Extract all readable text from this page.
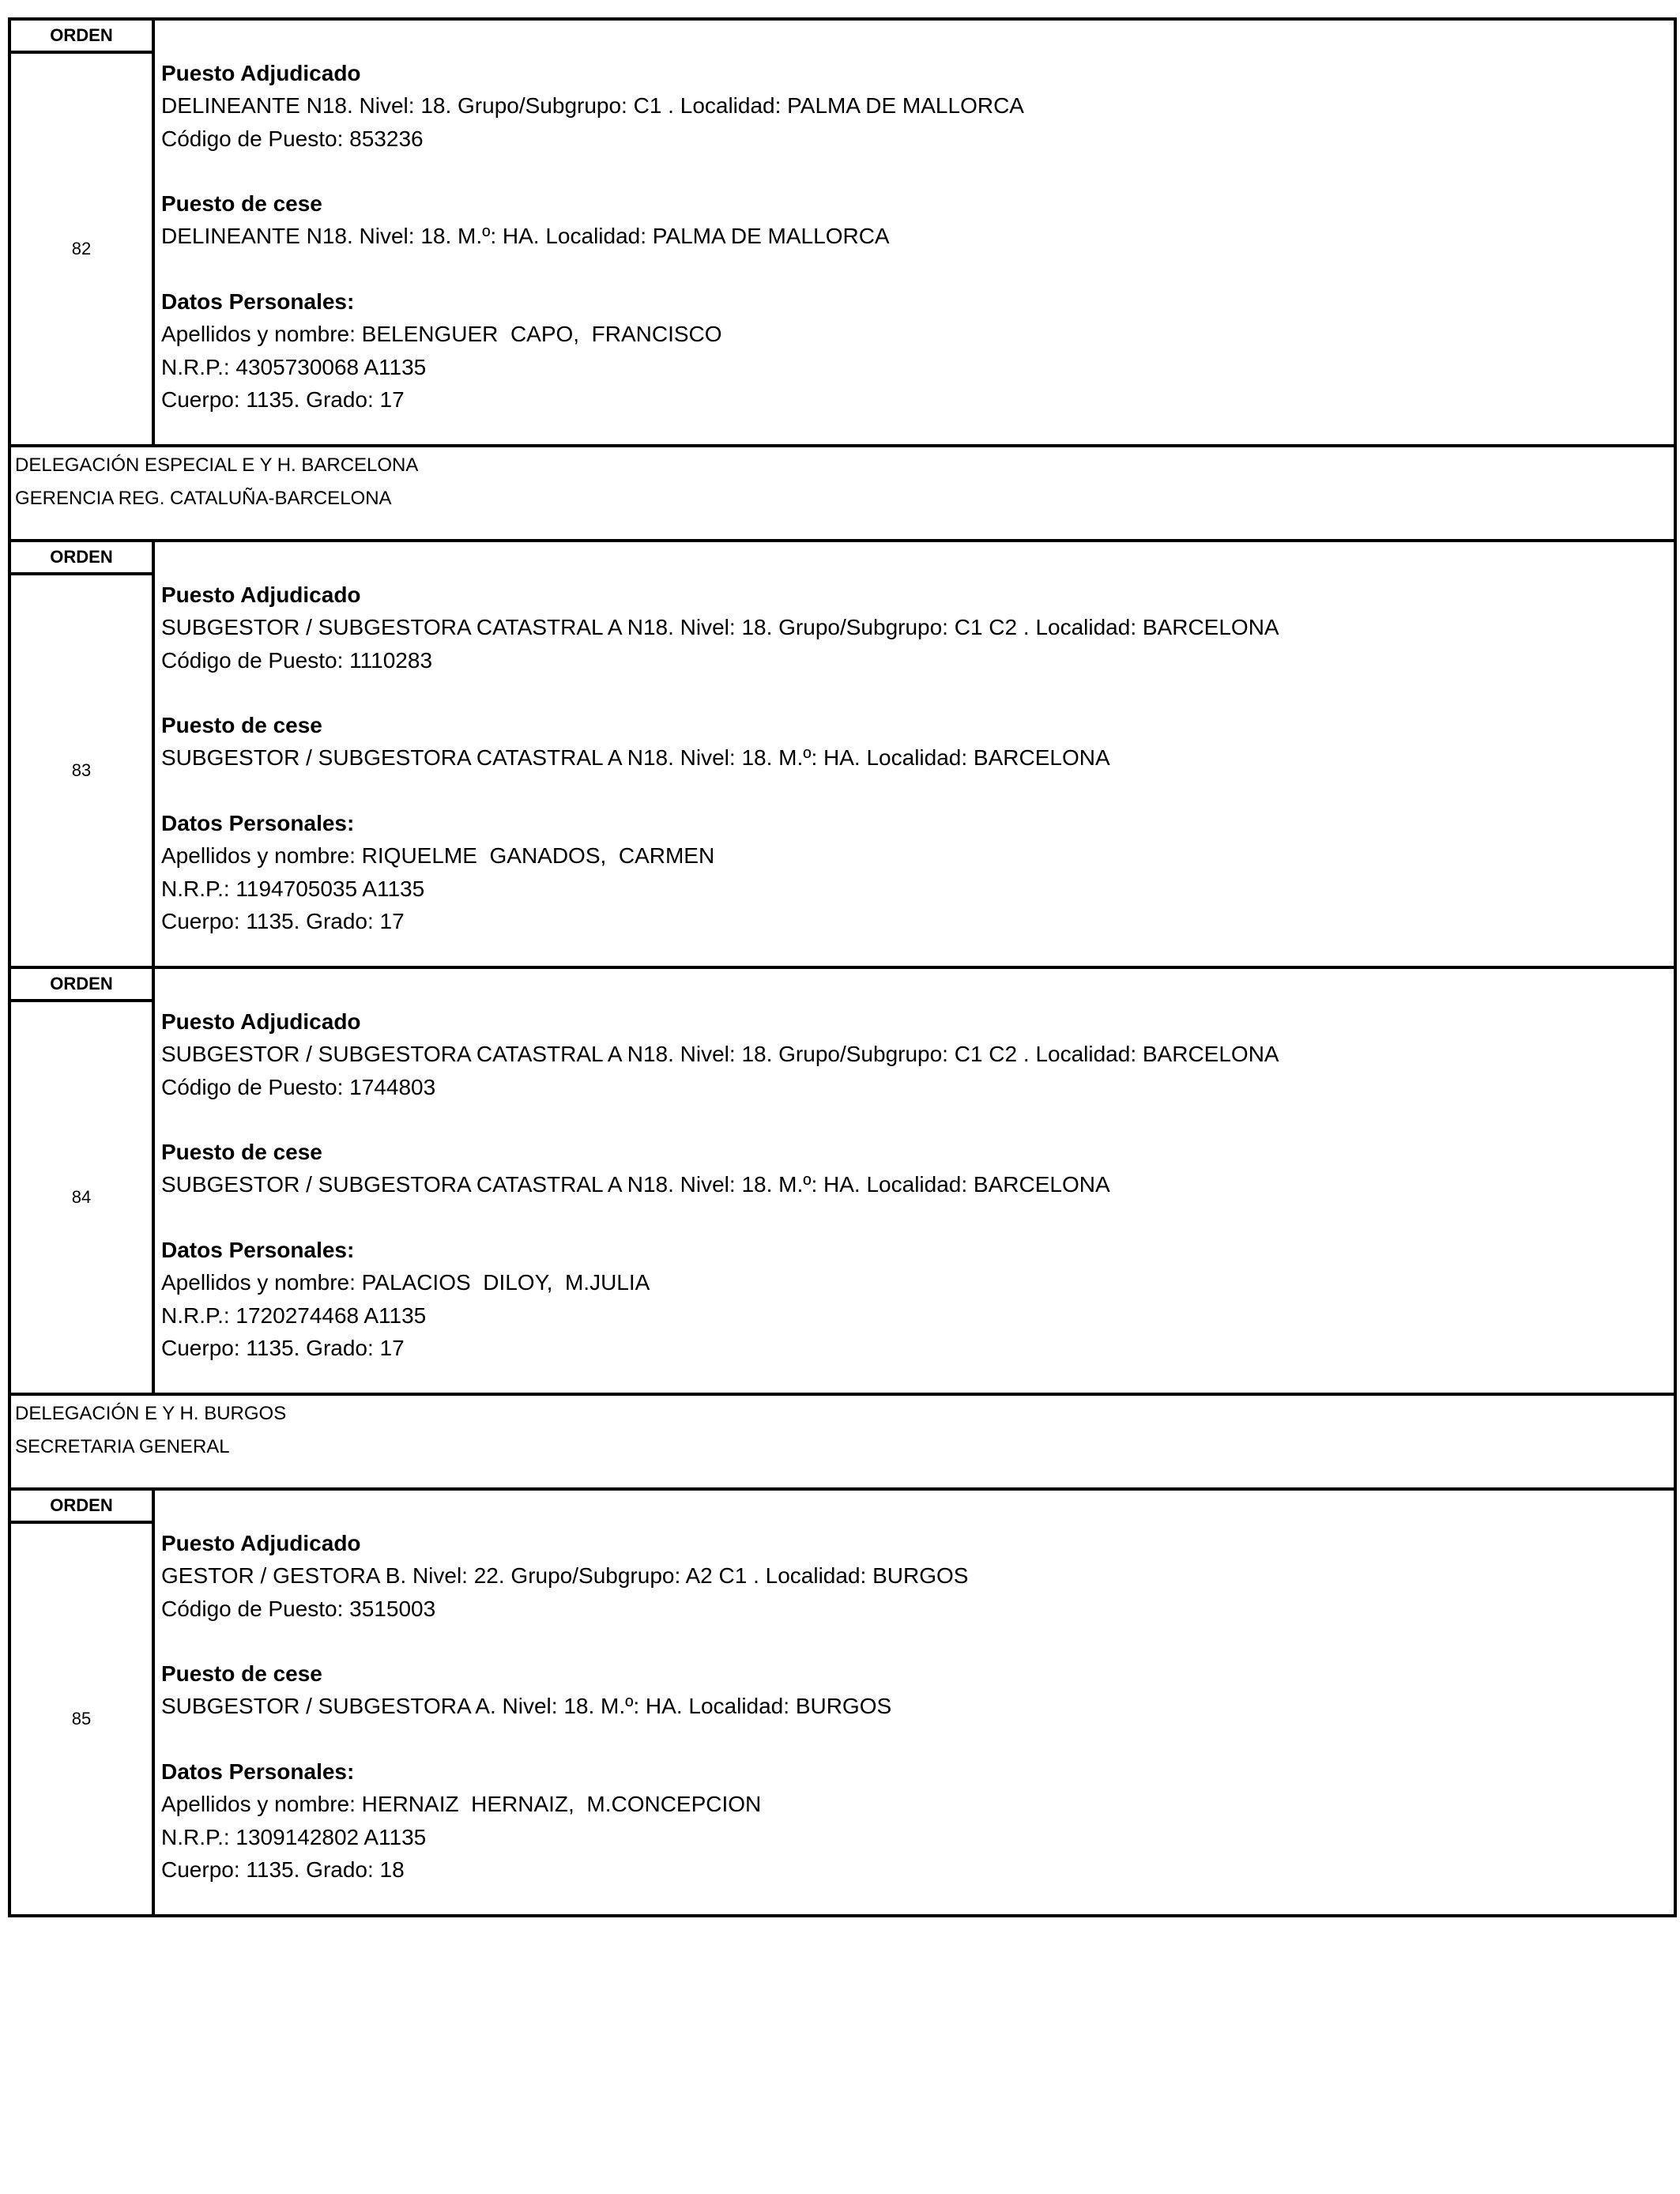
ORDEN
82
Puesto Adjudicado
DELINEANTE N18. Nivel: 18. Grupo/Subgrupo: C1 . Localidad: PALMA DE MALLORCA
Código de Puesto: 853236
Puesto de cese
DELINEANTE N18. Nivel: 18. M.º: HA. Localidad: PALMA DE MALLORCA
Datos Personales:
Apellidos y nombre: BELENGUER  CAPO,  FRANCISCO
N.R.P.: 4305730068 A1135
Cuerpo: 1135. Grado: 17
DELEGACIÓN ESPECIAL E Y H. BARCELONA
GERENCIA REG. CATALUÑA-BARCELONA
ORDEN
83
Puesto Adjudicado
SUBGESTOR / SUBGESTORA CATASTRAL A N18. Nivel: 18. Grupo/Subgrupo: C1 C2 . Localidad: BARCELONA
Código de Puesto: 1110283
Puesto de cese
SUBGESTOR / SUBGESTORA CATASTRAL A N18. Nivel: 18. M.º: HA. Localidad: BARCELONA
Datos Personales:
Apellidos y nombre: RIQUELME  GANADOS,  CARMEN
N.R.P.: 1194705035 A1135
Cuerpo: 1135. Grado: 17
ORDEN
84
Puesto Adjudicado
SUBGESTOR / SUBGESTORA CATASTRAL A N18. Nivel: 18. Grupo/Subgrupo: C1 C2 . Localidad: BARCELONA
Código de Puesto: 1744803
Puesto de cese
SUBGESTOR / SUBGESTORA CATASTRAL A N18. Nivel: 18. M.º: HA. Localidad: BARCELONA
Datos Personales:
Apellidos y nombre: PALACIOS  DILOY,  M.JULIA
N.R.P.: 1720274468 A1135
Cuerpo: 1135. Grado: 17
DELEGACIÓN E Y H. BURGOS
SECRETARIA GENERAL
ORDEN
85
Puesto Adjudicado
GESTOR / GESTORA B. Nivel: 22. Grupo/Subgrupo: A2 C1 . Localidad: BURGOS
Código de Puesto: 3515003
Puesto de cese
SUBGESTOR / SUBGESTORA A. Nivel: 18. M.º: HA. Localidad: BURGOS
Datos Personales:
Apellidos y nombre: HERNAIZ  HERNAIZ,  M.CONCEPCION
N.R.P.: 1309142802 A1135
Cuerpo: 1135. Grado: 18
